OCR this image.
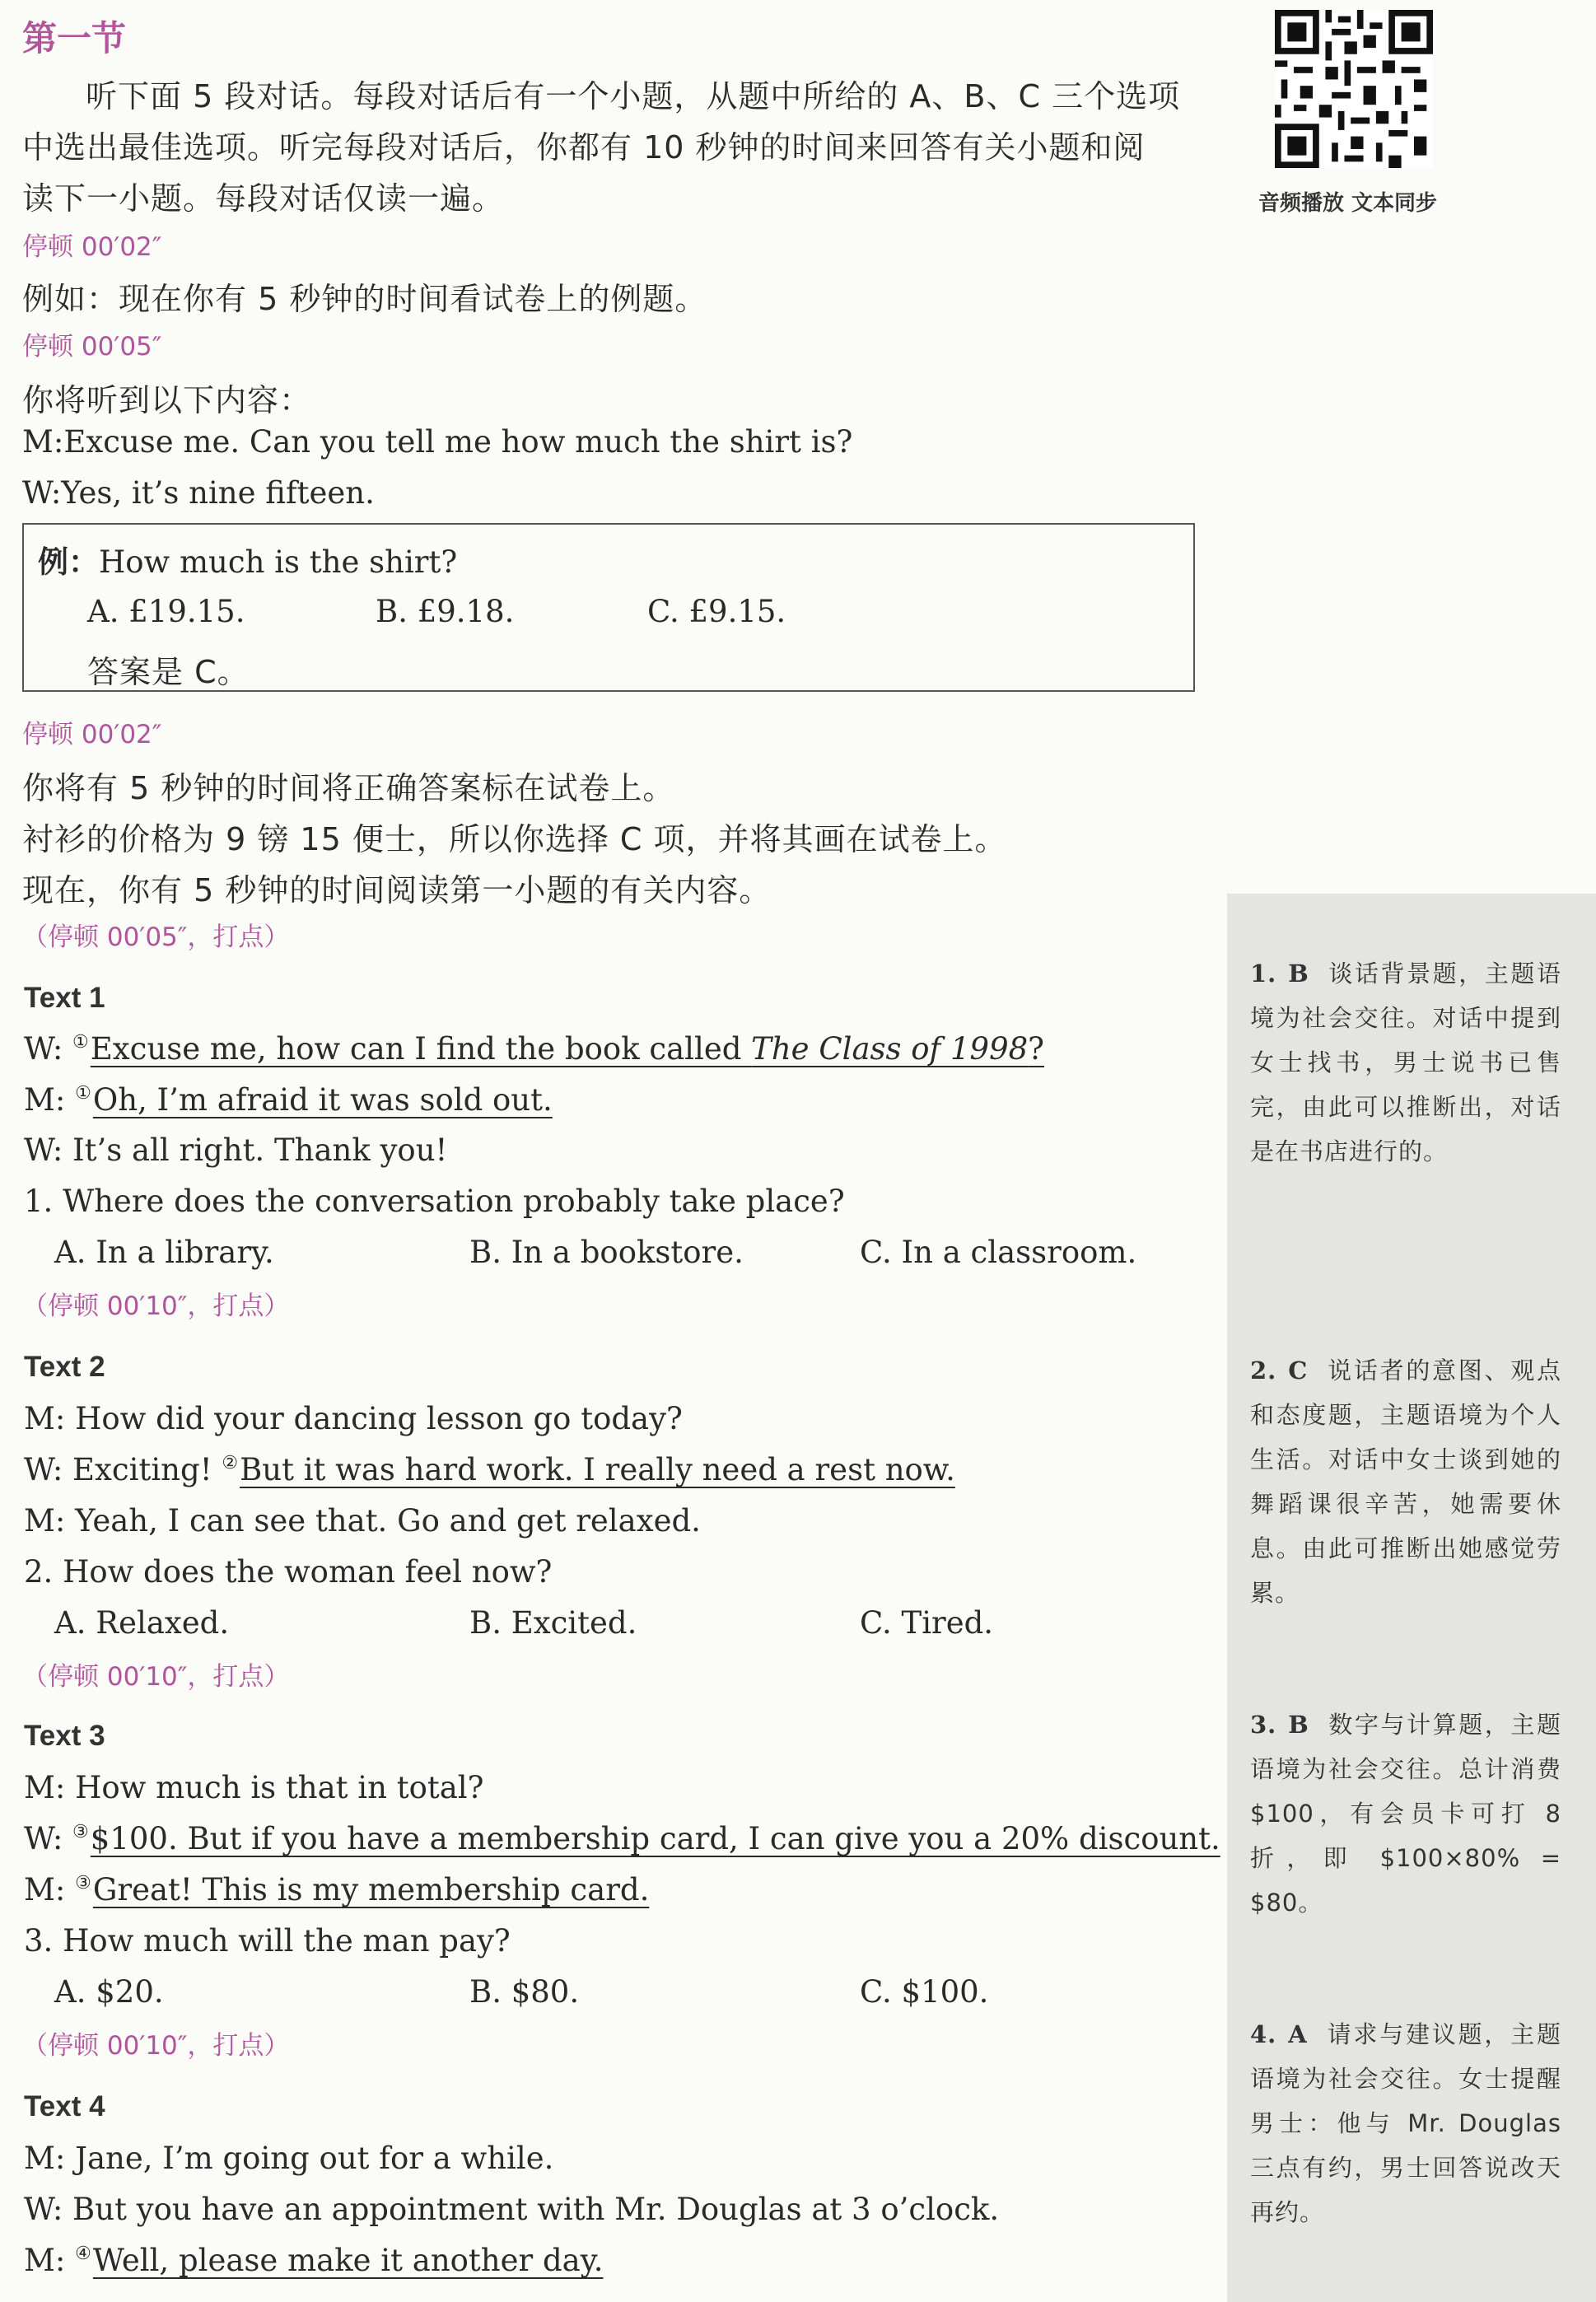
第一节
听下面 5 段对话。每段对话后有一个小题，从题中所给的 A、B、C 三个选项
中选出最佳选项。听完每段对话后，你都有 10 秒钟的时间来回答有关小题和阅
读下一小题。每段对话仅读一遍。	音频播放 文本同步
停顿 00′02″
例如：现在你有 5 秒钟的时间看试卷上的例题。
停顿 00′05″
你将听到以下内容：
M:Excuse me. Can you tell me how much the shirt is?
W:Yes, it’s nine fifteen.
例：How much is the shirt?
A. £19.15.	B. £9.18.	C. £9.15.
答案是 C。
停顿 00′02″
你将有 5 秒钟的时间将正确答案标在试卷上。
衬衫的价格为 9 镑 15 便士，所以你选择 C 项，并将其画在试卷上。
现在，你有 5 秒钟的时间阅读第一小题的有关内容。
（停顿 00′05″，打点）
Text 1
W: ①Excuse me, how can I find the book called The Class of 1998?
M: ①Oh, I’m afraid it was sold out.
W: It’s all right. Thank you!
1. Where does the conversation probably take place?
A. In a library.	B. In a bookstore.	C. In a classroom.
（停顿 00′10″，打点）
Text 2
M: How did your dancing lesson go today?
W: Exciting! ②But it was hard work. I really need a rest now.
M: Yeah, I can see that. Go and get relaxed.
2. How does the woman feel now?
A. Relaxed.	B. Excited.	C. Tired.
（停顿 00′10″，打点）
Text 3
M: How much is that in total?
W: ③$100. But if you have a membership card, I can give you a 20% discount.
M: ③Great! This is my membership card.
3. How much will the man pay?
A. $20.	B. $80.	C. $100.
（停顿 00′10″，打点）
Text 4
M: Jane, I’m going out for a while.
W: But you have an appointment with Mr. Douglas at 3 o’clock.
M: ④Well, please make it another day.
1. B 谈话背景题，主题语境为社会交往。对话中提到女士找书，男士说书已售完，由此可以推断出，对话是在书店进行的。
2. C 说话者的意图、观点和态度题，主题语境为个人生活。对话中女士谈到她的舞蹈课很辛苦，她需要休息。由此可推断出她感觉劳累。
3. B 数字与计算题，主题语境为社会交往。总计消费 $100，有会员卡可打 8 折，即 $100×80% = $80。
4. A 请求与建议题，主题语境为社会交往。女士提醒男士：他与 Mr. Douglas 三点有约，男士回答说改天再约。
